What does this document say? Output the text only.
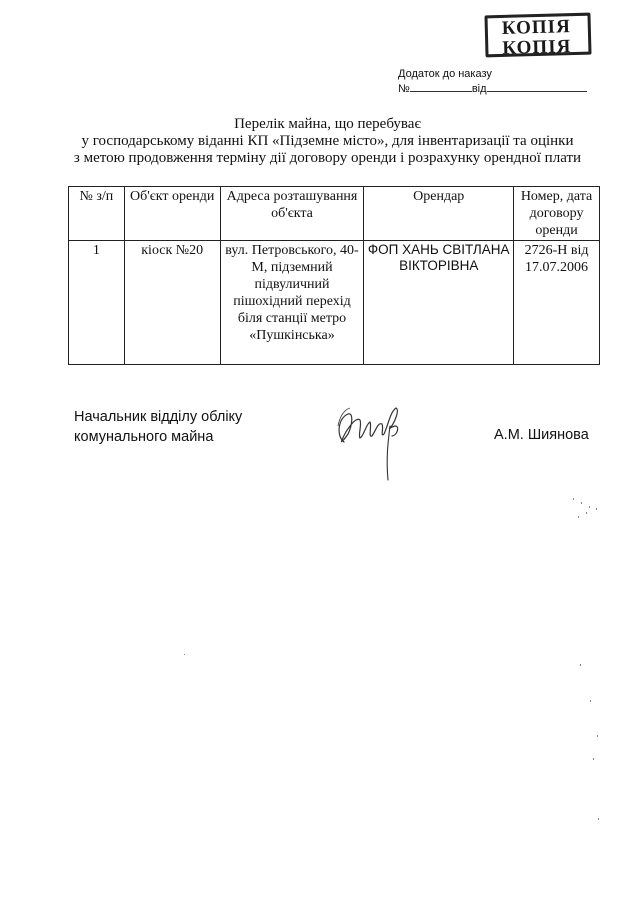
КОПІЯ
КОПІЯ
Додаток до наказу
№	від
Перелік майна, що перебуває
у господарському віданні КП «Підземне місто», для інвентаризації та оцінки
з метою продовження терміну дії договору оренди і розрахунку орендної плати
№ з/п	Об'єкт оренди	Адреса розташування об'єкта	Орендар	Номер, дата договору оренди
1	кіоск №20	вул. Петровського, 40-М, підземний підвуличний пішохідний перехід біля станції метро «Пушкінська»	ФОП ХАНЬ СВІТЛАНА ВІКТОРІВНА	2726-Н від 17.07.2006
Начальник відділу обліку
комунального майна	А.М. Шиянова
